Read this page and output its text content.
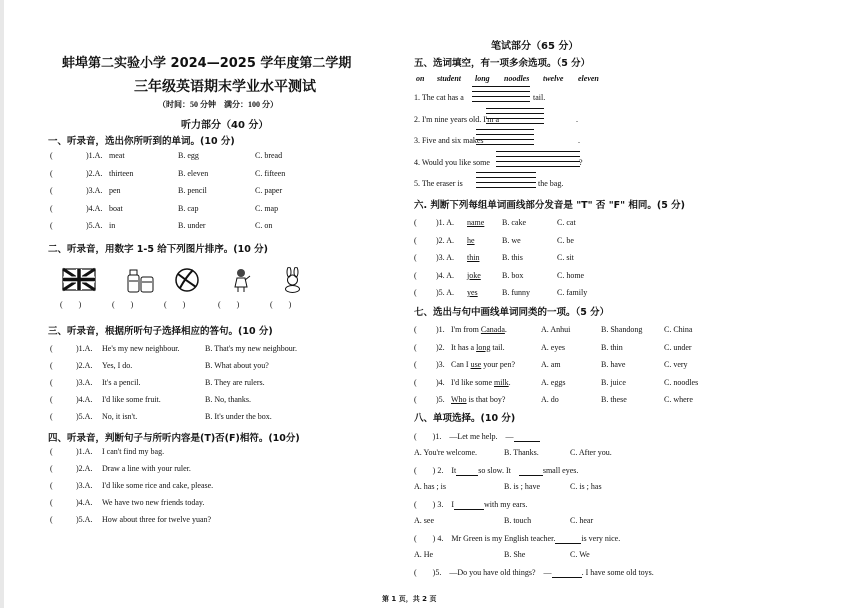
蚌埠第二实验小学 2024—2025 学年度第二学期
三年级英语期末学业水平测试
（时间：50 分钟　满分：100 分）
听力部分（40 分）
一、听录音，选出你所听到的单词。(10 分)
二、听录音，用数字 1-5 给下列图片排序。(10 分)
三、听录音，根据所听句子选择相应的答句。(10 分)
四、听录音，判断句子与所听内容是(T)否(F)相符。(10分)
笔试部分（65 分）
五、选词填空，有一项多余选项。（5 分）
六. 判断下列每组单词画线部分发音是 "T" 否 "F" 相同。(5 分)
七、选出与句中画线单词同类的一项。（5 分）
八、单项选择。(10 分)
(　　)1.　 —Let me help.　—
A. You're welcome.	B. Thanks.	C. After you.
(　　) 2.　 It	so slow. It　	small eyes.
A. has ; is	B. is ; have	C. is ; has
(　　) 3.　 I	with my ears.
A. see	B. touch	C. hear
(　　) 4.　 Mr Green is my English teacher.	is very nice.
A. He	B. She	C. We
(　　)5.　 —Do you have old things?　—	. I have some old toys.
第 1 页，共 2 页
(	)1.A. meat	B. egg	C. bread
(	)2.A. thirteen	B. eleven	C. fifteen
(	)3.A. pen	B. pencil	C. paper
(	)4.A. boat	B. cap	C. map
(	)5.A. in	B. under	C. on
(　　)	(　　)	(　　)	(　　)	(　　)
(	)1.A. He's my new neighbour.	B. That's my new neighbour.
(	)2.A. Yes, I do.	B. What about you?
(	)3.A. It's a pencil.	B. They are rulers.
(	)4.A. I'd like some fruit.	B. No, thanks.
(	)5.A. No, it isn't.	B. It's under the box.
(	)1.A. I can't find my bag.
(	)2.A. Draw a line with your ruler.
(	)3.A. I'd like some rice and cake, please.
(	)4.A. We have two new friends today.
(	)5.A. How about three for twelve yuan?
on student long noodles twelve eleven
1. The cat has a	tail.
2. I'm nine years old. I'm a	.
3. Five and six makes	.
4. Would you like some	?
5. The eraser is	the bag.
( )1. A. name B. cake	C. cat
( )2. A. he	B. we	C. be
( )3. A. thin	B. this	C. sit
( )4. A. joke	B. box	C. home
( )5. A. yes	B. funny	C. family
( )1. I'm from Canada.	A. Anhui	B. Shandong	C. China
( )2. It has a long tail.	A. eyes	B. thin	C. under
( )3. Can I use your pen?	A. am	B. have	C. very
( )4. I'd like some milk.	A. eggs	B. juice	C. noodles
( )5. Who is that boy?	A. do	B. these	C. where
